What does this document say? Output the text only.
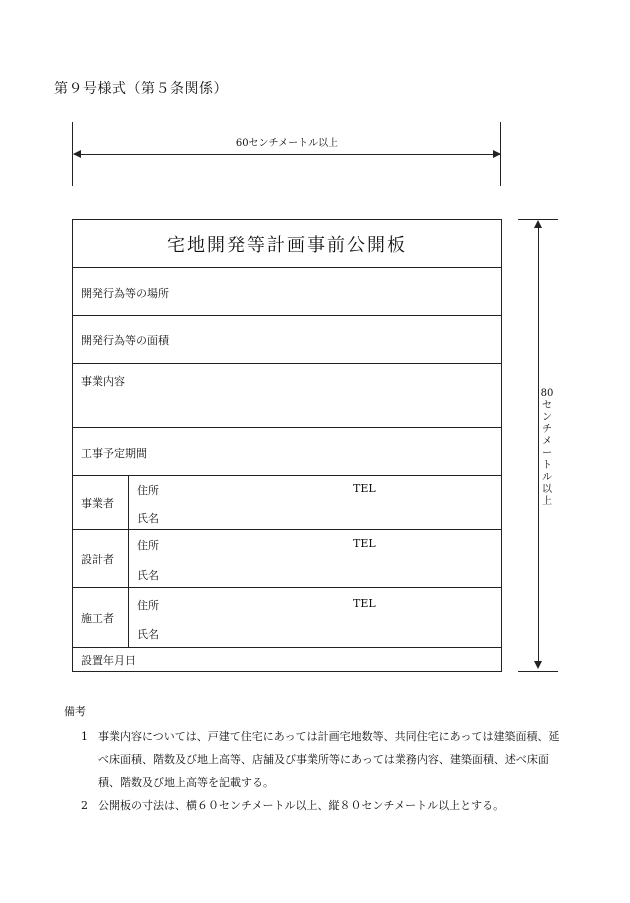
第９号様式（第５条関係）
60センチメートル以上
80センチメートル以上
宅地開発等計画事前公開板
開発行為等の場所
開発行為等の面積
事業内容
工事予定期間
事業者
住所	TEL
氏名
設計者
住所	TEL
氏名
施工者
住所	TEL
氏名
設置年月日
備考
1 事業内容については、戸建て住宅にあっては計画宅地数等、共同住宅にあっては建築面積、延べ床面積、階数及び地上高等、店舗及び事業所等にあっては業務内容、建築面積、述べ床面積、階数及び地上高等を記載する。
2 公開板の寸法は、横６０センチメートル以上、縦８０センチメートル以上とする。
